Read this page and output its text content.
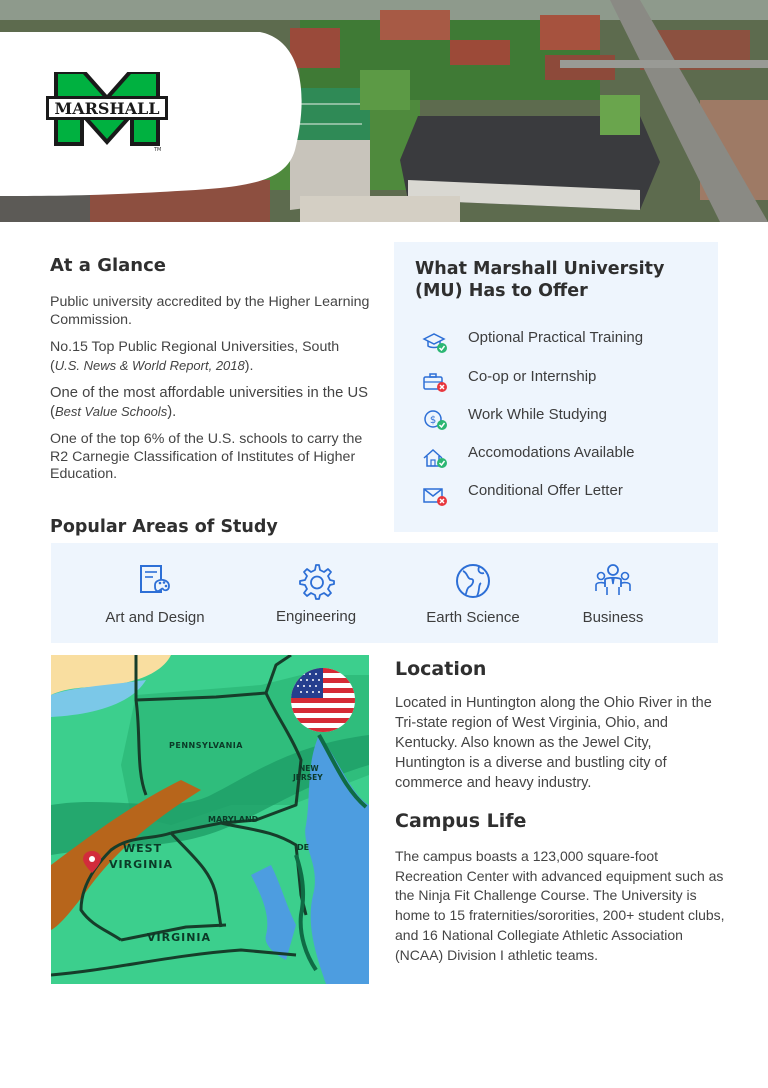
MARSHALL
TM
At a Glance

Public university accredited by the Higher Learning Commission.

No.15 Top Public Regional Universities, South (U.S. News & World Report, 2018).

One of the most affordable universities in the US (Best Value Schools).

One of the top 6% of the U.S. schools to carry the R2 Carnegie Classification of Institutes of Higher Education.

What Marshall University (MU) Has to Offer
Optional Practical Training
Co-op or Internship
$ Work While Studying
Accomodations Available
Conditional Offer Letter
Popular Areas of Study
Art and Design	Engineering	Earth Science	Business
PENNSYLVANIA
NEW
JERSEY
MARYLAND
DE
WEST
VIRGINIA
VIRGINIA
Location

Located in Huntington along the Ohio River in the Tri-state region of West Virginia, Ohio, and Kentucky. Also known as the Jewel City, Huntington is a diverse and bustling city of commerce and heavy industry.

Campus Life

The campus boasts a 123,000 square-foot Recreation Center with advanced equipment such as the Ninja Fit Challenge Course. The University is home to 15 fraternities/sororities, 200+ student clubs, and 16 National Collegiate Athletic Association (NCAA) Division I athletic teams.
